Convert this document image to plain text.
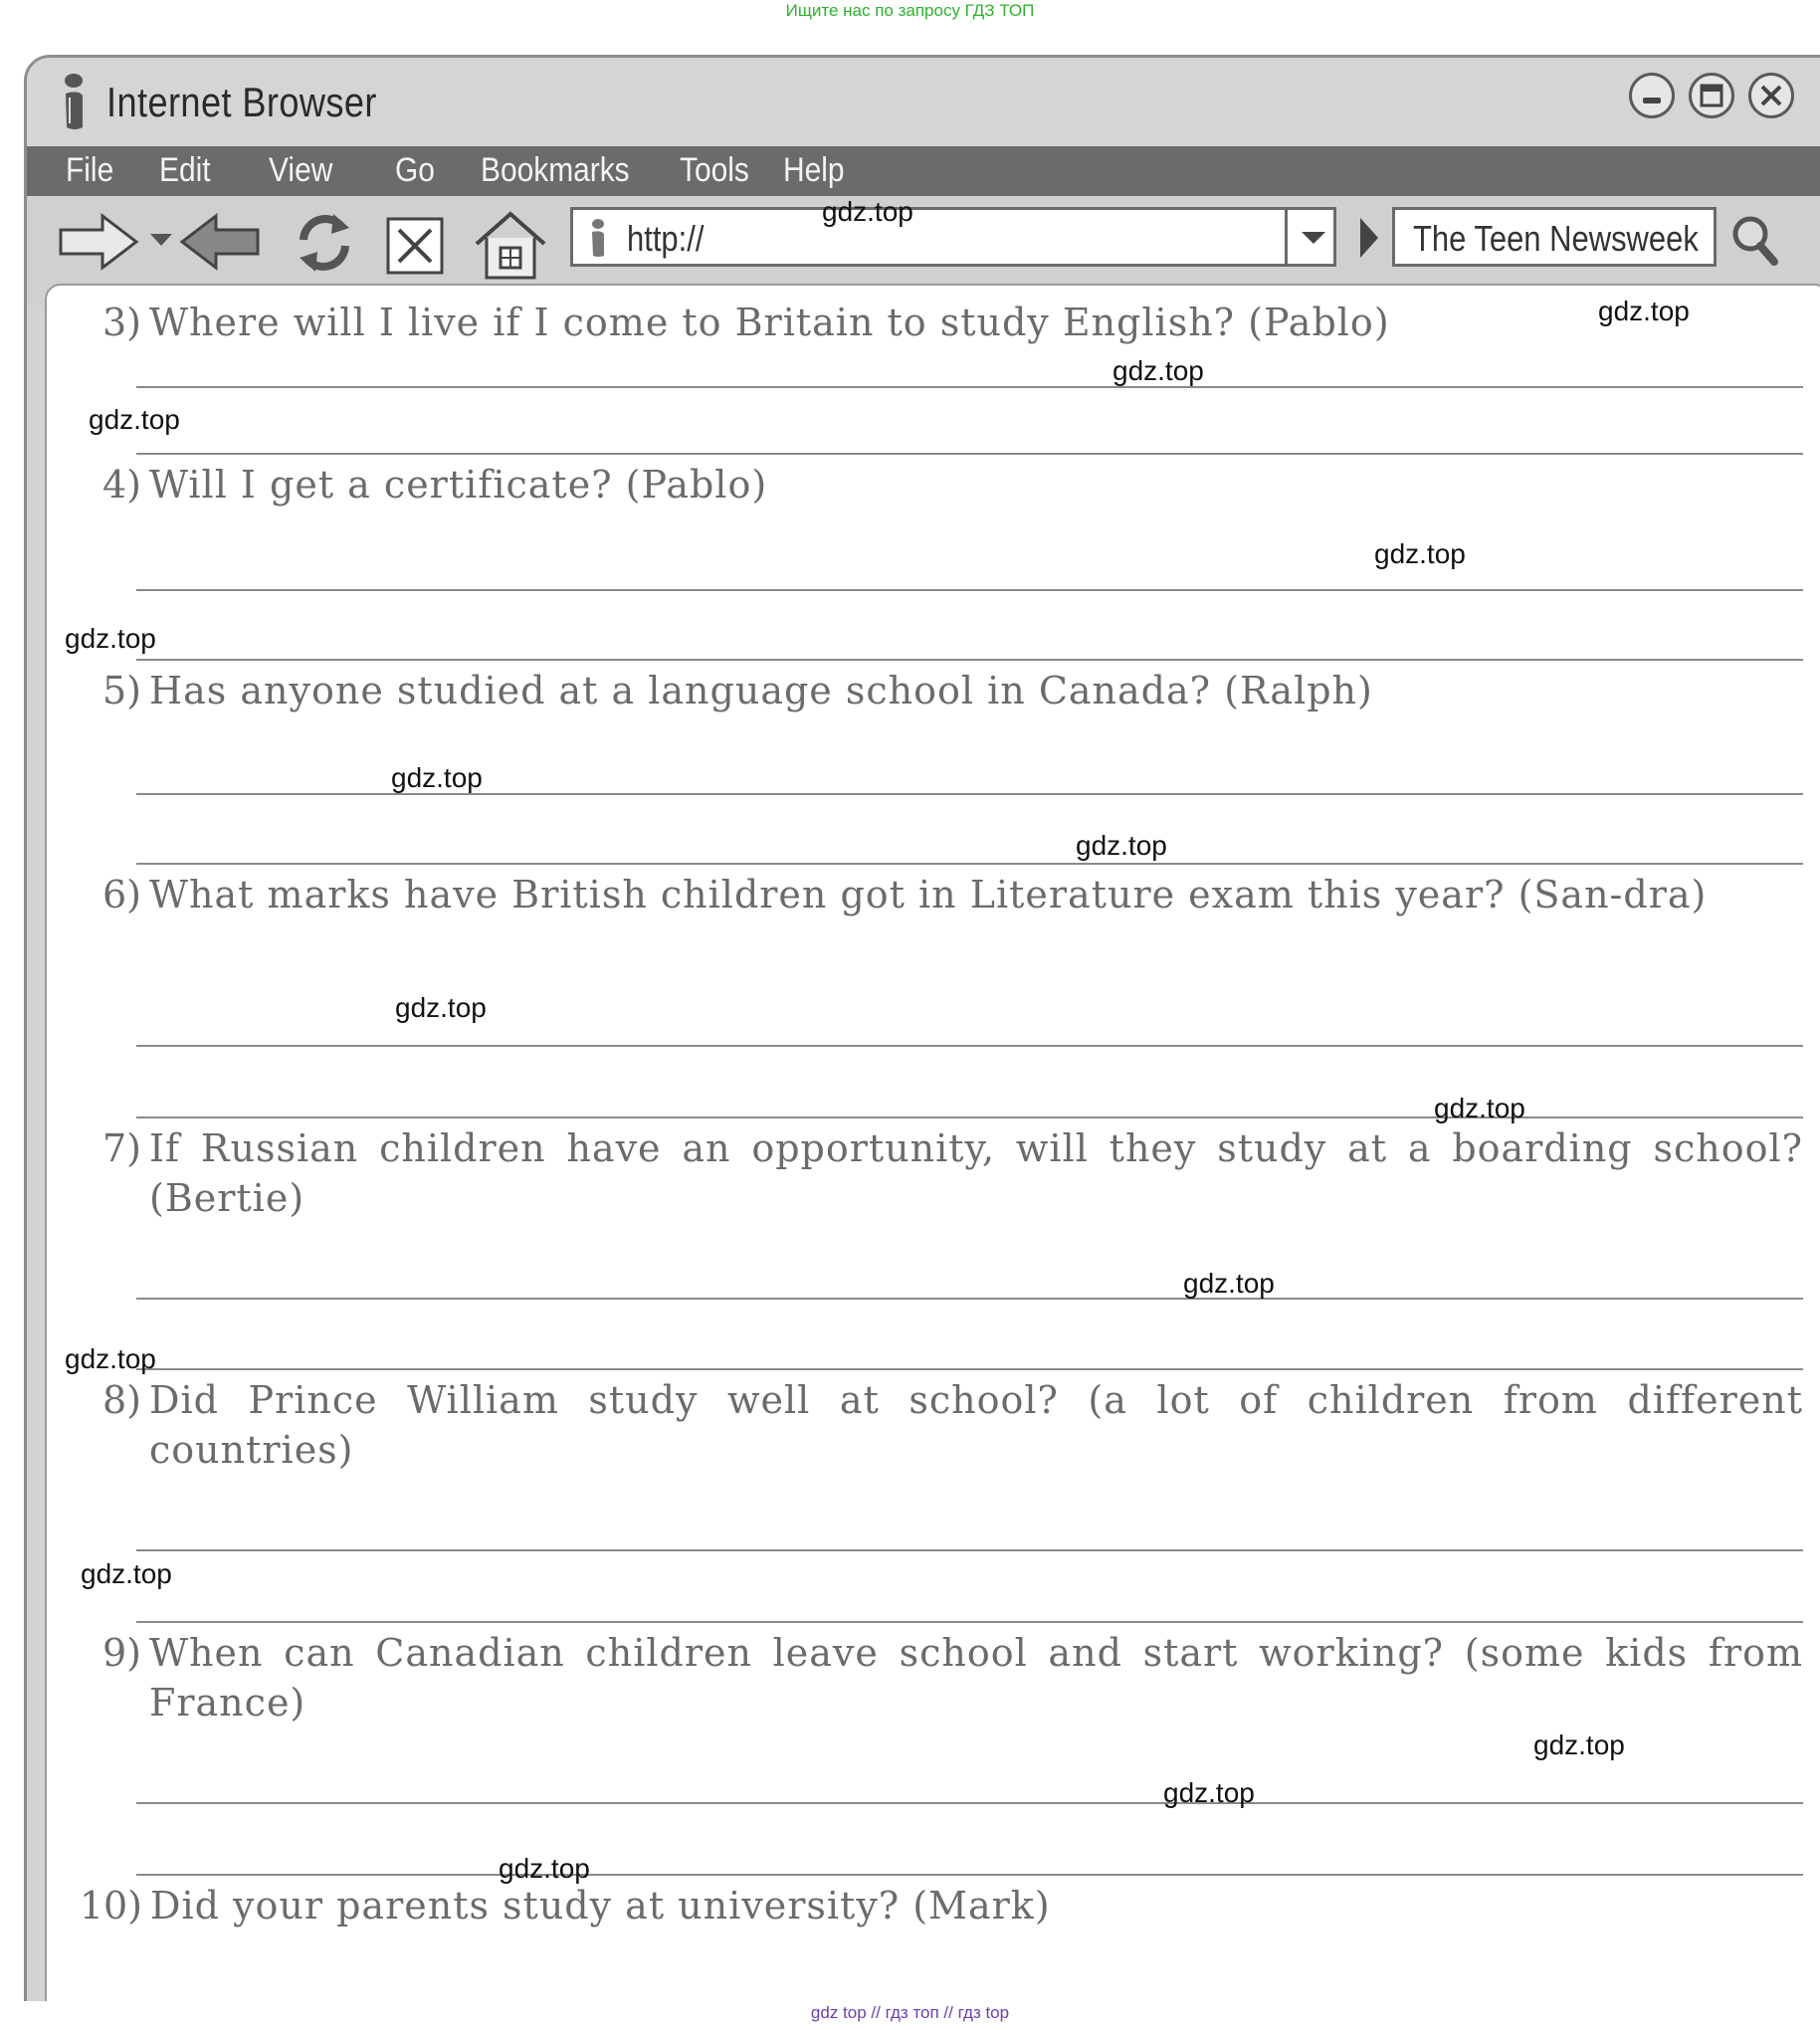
Ищите нас по запросу ГДЗ ТОП
Internet Browser
File Edit View Go Bookmarks Tools Help
http://	The Teen Newsweek
3) Where will I live if I come to Britain to study English? (Pablo)
4) Will I get a certificate? (Pablo)
5) Has anyone studied at a language school in Canada? (Ralph)
6) What marks have British children got in Literature exam this year? (San-dra)
7) If Russian children have an opportunity, will they study at a boarding school? (Bertie)
8) Did Prince William study well at school? (a lot of children from different countries)
9) When can Canadian children leave school and start working? (some kids from France)
10) Did your parents study at university? (Mark)
gdz.top
gdz.top
gdz.top
gdz.top
gdz.top
gdz.top
gdz.top
gdz.top
gdz.top
gdz.top
gdz.top
gdz.top
gdz.top
gdz.top
gdz.top
gdz.top
gdz top // гдз топ // гдз top
